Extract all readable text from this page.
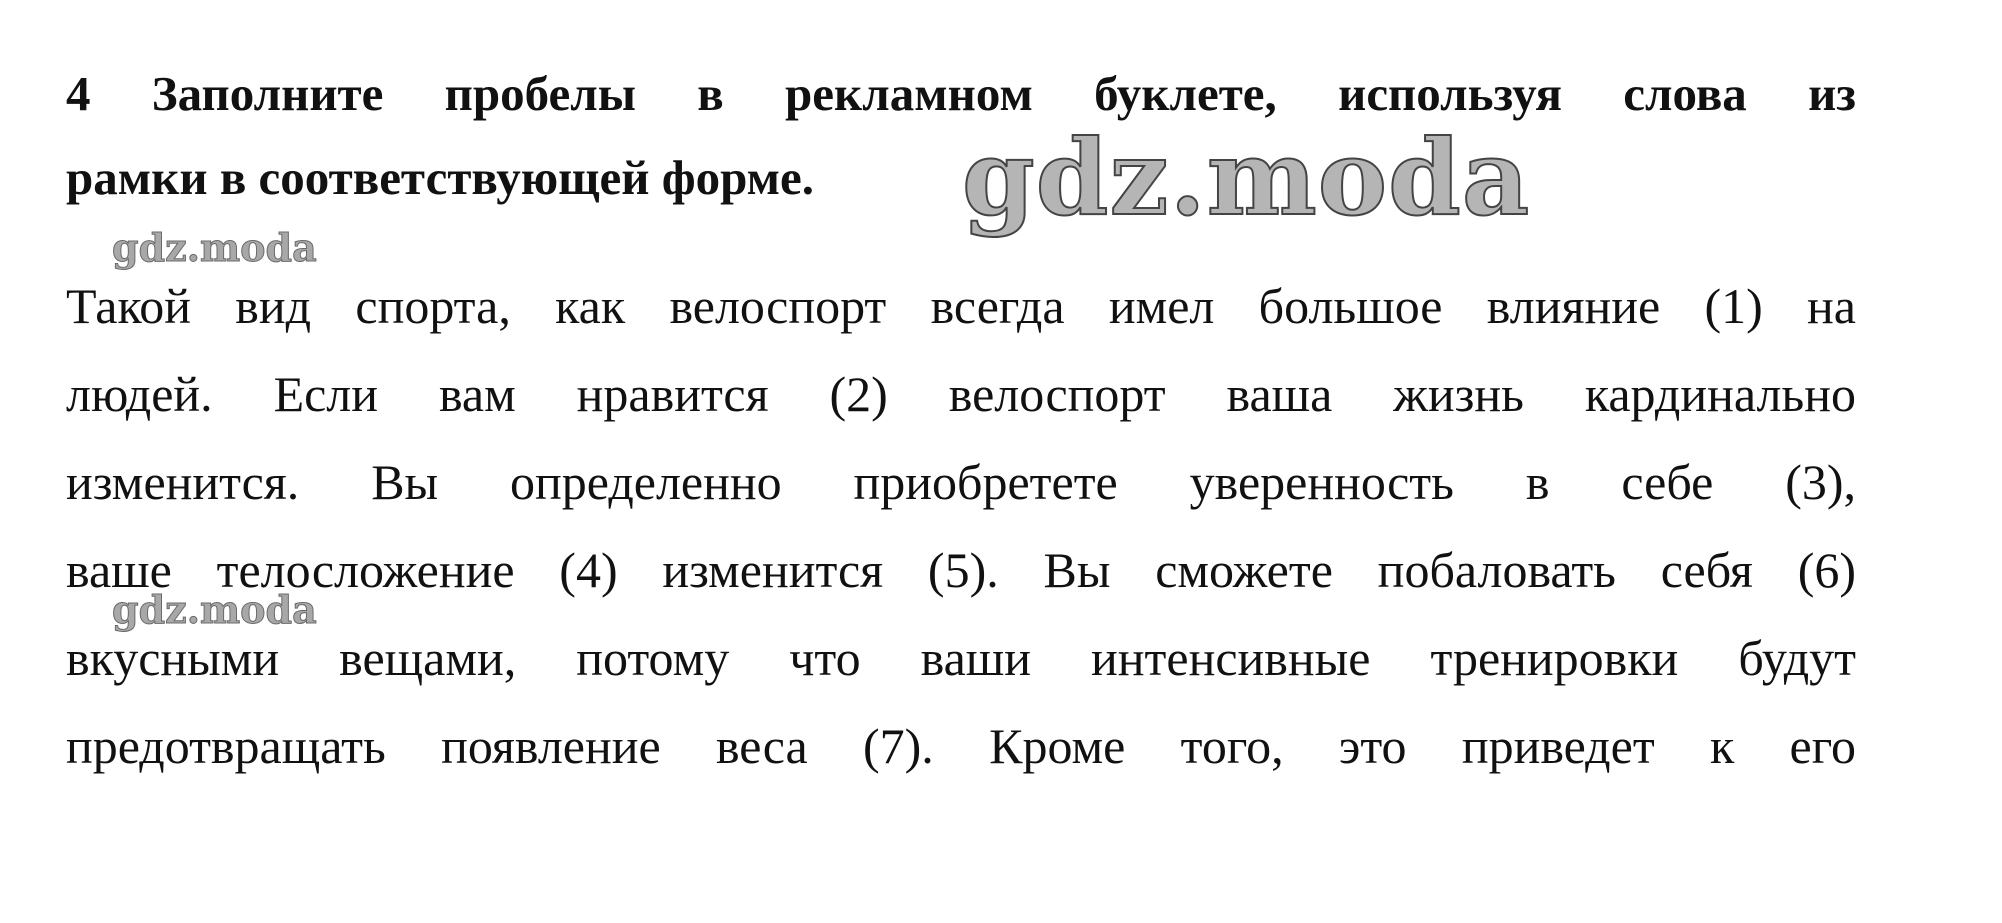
4 Заполните пробелы в рекламном буклете, используя слова из
рамки в соответствующей форме.
Такой вид спорта, как велоспорт всегда имел большое влияние (1) на
людей. Если вам нравится (2) велоспорт ваша жизнь кардинально
изменится. Вы определенно приобретете уверенность в себе (3),
ваше телосложение (4) изменится (5). Вы сможете побаловать себя (6)
вкусными вещами, потому что ваши интенсивные тренировки будут
предотвращать появление веса (7). Кроме того, это приведет к его
gdz.moda
gdz.moda
gdz.moda
